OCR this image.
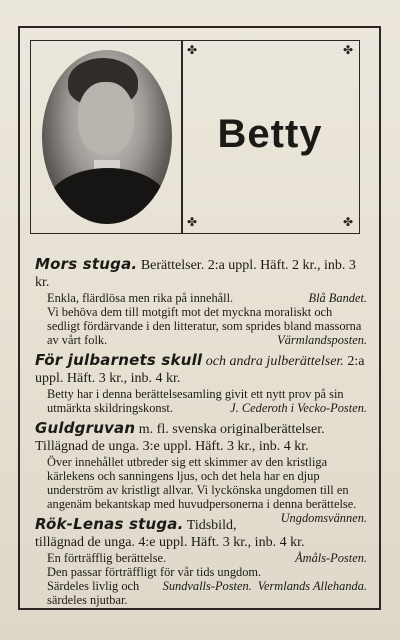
✤	✤
✤	✤
Betty

Mors stuga. Berättelser. 2:a uppl. Häft. 2 kr., inb. 3 kr.

Blå Bandet.
Enkla, flärdlösa men rika på innehåll.

Vi behöva dem till motgift mot det myckna moraliskt och sedligt fördärvande i den litteratur, som sprides bland massorna av vårt folk.	Värmlandsposten.

För julbarnets skull och andra julberättelser. 2:a uppl. Häft. 3 kr., inb. 4 kr.

Betty har i denna berättelsesamling givit ett nytt prov på sin utmärkta skildringskonst.	J. Cederoth i Vecko-Posten.

Guldgruvan m. fl. svenska originalberättelser. Tillägnad de unga. 3:e uppl. Häft. 3 kr., inb. 4 kr.

Över innehållet utbreder sig ett skimmer av den kristliga kärlekens och sanningens ljus, och det hela har en djup underström av kristligt allvar. Vi lyckönska ungdomen till en angenäm bekantskap med huvudpersonerna i denna berättelse.
Ungdomsvännen.

Rök-Lenas stuga. Tidsbild, tillägnad de unga. 4:e uppl. Häft. 3 kr., inb. 4 kr.

Åmåls-Posten.
En förträfflig berättelse.

Den passar förträffligt för vår tids ungdom.
Vermlands Allehanda.

Sundvalls-Posten.
Särdeles livlig och särdeles njutbar.
